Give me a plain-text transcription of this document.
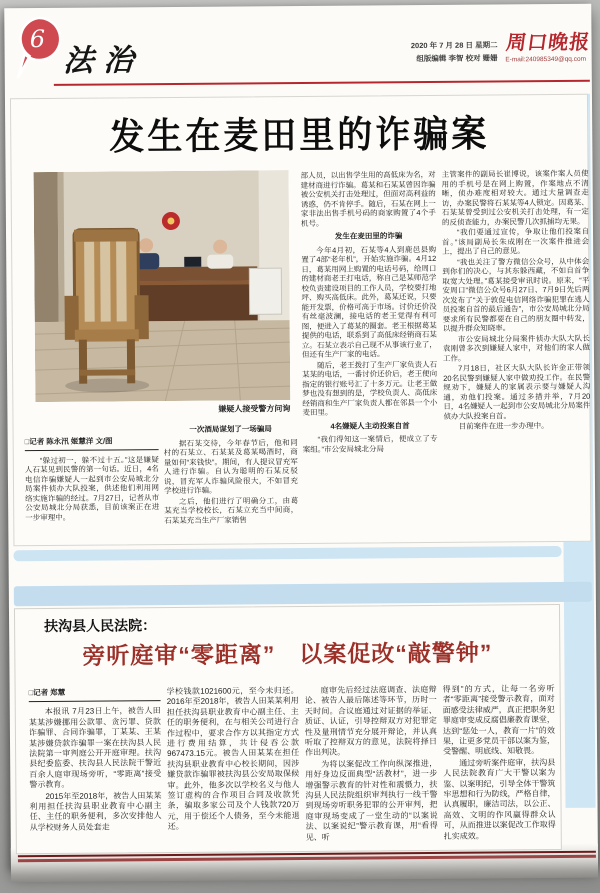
6
法治	2020 年 7 月 28 日 星期二
组版编辑 李智 校对 姗姗
周口晚报
E-mail:240985349@qq.com
发生在麦田里的诈骗案
嫌疑人接受警方问询
□记者 陈永汛 姬慧洋 文/图
“躲过初一，躲不过十五。”这是嫌疑人石某见到民警的第一句话。近日，4名电信诈骗嫌疑人一起到市公安局城北分局案件侦办大队投案，供述他们利用网络实施诈骗的经过。7月27日，记者从市公安局城北分局获悉，目前该案正在进一步审理中。
一次酒局谋划了一场骗局
据石某交待，今年春节后，他和同村的石某立、石某某及葛某喝酒时，商量如何“来钱快”。期间，有人提议冒充军人进行诈骗。自认为聪明的石某反驳说，冒充军人诈骗风险很大，不如冒充学校进行诈骗。
之后，他们进行了明确分工，由葛某充当学校校长，石某立充当中间商，石某某充当生产厂家销售
部人员，以出售学生用的高低床为名，对建材商进行诈骗。葛某和石某某曾因诈骗被公安机关打击处理过，但面对高利益的诱惑，仍不肯停手。随后，石某在网上一家非法出售手机号码的商家购置了4个手机号。
发生在麦田里的诈骗
今年4月初，石某等4人到鹿邑县购置了4部“老年机”，开始实施诈骗。4月12日，葛某用网上购置的电话号码，给周口的建材商老王打电话，称自己是某师范学校负责建设项目的工作人员，学校要打地坪、购买高低床。此外，葛某还说，只要能开发票，价格可高于市场。讨价还价没有丝毫波澜，接电话的老王觉得有利可图，便进入了葛某的圈套。老王根据葛某提供的电话，联系到了高低床经销商石某立。石某立表示自己现不从事该行业了，但还有生产厂家的电话。
随后，老王拨打了生产厂家负责人石某某的电话，一番讨价还价后，老王便向指定的银行账号汇了十多万元。让老王做梦也没有想到的是，学校负责人、高低床经销商和生产厂家负责人都在邻县一个小麦田里。
4名嫌疑人主动投案自首
“我们得知这一案情后，便成立了专案组。”市公安局城北分局
主管案件的副局长崔博说，该案作案人员使用的手机号是在网上购置，作案地点不清晰，侦办难度相对较大。通过大量调查走访，办案民警将石某某等4人锁定。因葛某、石某某曾受到过公安机关打击处理，有一定的反侦查能力，办案民警几次抓捕均无果。
“我们要通过宣传，争取让他们投案自首。”该局副局长朱成刚在一次案件推进会上，提出了自己的意见。
“我也关注了警方微信公众号，从中体会到你们的决心，与其东躲西藏，不如自首争取宽大处理。”葛某接受审讯时说。原来，“平安周口”微信公众号6月27日、7月9日先后两次发布了“关于敦促电信网络诈骗犯罪在逃人员投案自首的最后通告”，市公安局城北分局要求所有民警都要在自己的朋友圈中转发，以提升群众知晓率。
市公安局城北分局案件侦办大队大队长袁刚曾多次到嫌疑人家中，对他们的家人做工作。
7月18日，社区大队大队长许金正带领20名民警到嫌疑人家中做劝投工作。在民警规劝下，嫌疑人的家属表示要与嫌疑人沟通，劝他们投案。通过多措并举，7月20日，4名嫌疑人一起到市公安局城北分局案件侦办大队投案自首。
目前案件在进一步办理中。
扶沟县人民法院：
旁听庭审“零距离”　以案促改“敲警钟”
□记者 郑慧
本报讯 7月23日上午，被告人田某某涉嫌挪用公款罪、贪污罪、贷款诈骗罪、合同诈骗罪，丁某某、王某某涉嫌贷款诈骗罪一案在扶沟县人民法院第一审判庭公开开庭审理。扶沟县纪委监委、扶沟县人民法院干警近百余人庭审现场旁听，“零距离”接受警示教育。
2015年至2018年，被告人田某某利用担任扶沟县职业教育中心副主任、主任的职务便利，多次安排他人从学校财务人员处套走
学校钱款1021600元，至今未归还。2016年至2018年，被告人田某某利用担任扶沟县职业教育中心副主任、主任的职务便利，在与相关公司进行合作过程中，要求合作方以其指定方式进行费用结算，共计侵吞公款967473.15元。被告人田某某在担任扶沟县职业教育中心校长期间，因涉嫌贷款诈骗罪被扶沟县公安局取保候审。此外，他多次以学校名义与他人签订虚构的合作项目合同及收款凭条，骗取多家公司及个人钱款720万元，用于偿还个人债务，至今未能退还。
庭审先后经过法庭调查、法庭辩论、被告人最后陈述等环节，历时一天时间。合议庭通过对证据的举证、质证、认证，引导控辩双方对犯罪定性及量刑情节充分展开辩论，并认真听取了控辩双方的意见，法院将择日作出判决。
为将以案促改工作向纵深推进，用好身边反面典型“活教材”，进一步增强警示教育的针对性和震慑力，扶沟县人民法院组织审判执行一线干警到现场旁听职务犯罪的公开审判，把庭审现场变成了一堂生动的“以案说法、以案说纪”警示教育课，用“看得见、听
得到”的方式，让每一名旁听者“零距离”接受警示教育，面对面感受法律威严，真正把职务犯罪庭审变成反腐倡廉教育课堂，达到“惩处一人，教育一片”的效果，让更多党员干部以案为鉴，受警醒、明底线、知敬畏。
通过旁听案件庭审，扶沟县人民法院教育广大干警以案为鉴、以案明纪，引导全体干警筑牢思想和行为防线，严格自律，认真履职，廉洁司法，以公正、高效、文明的作风赢得群众认可，从而推进以案促改工作取得扎实成效。
